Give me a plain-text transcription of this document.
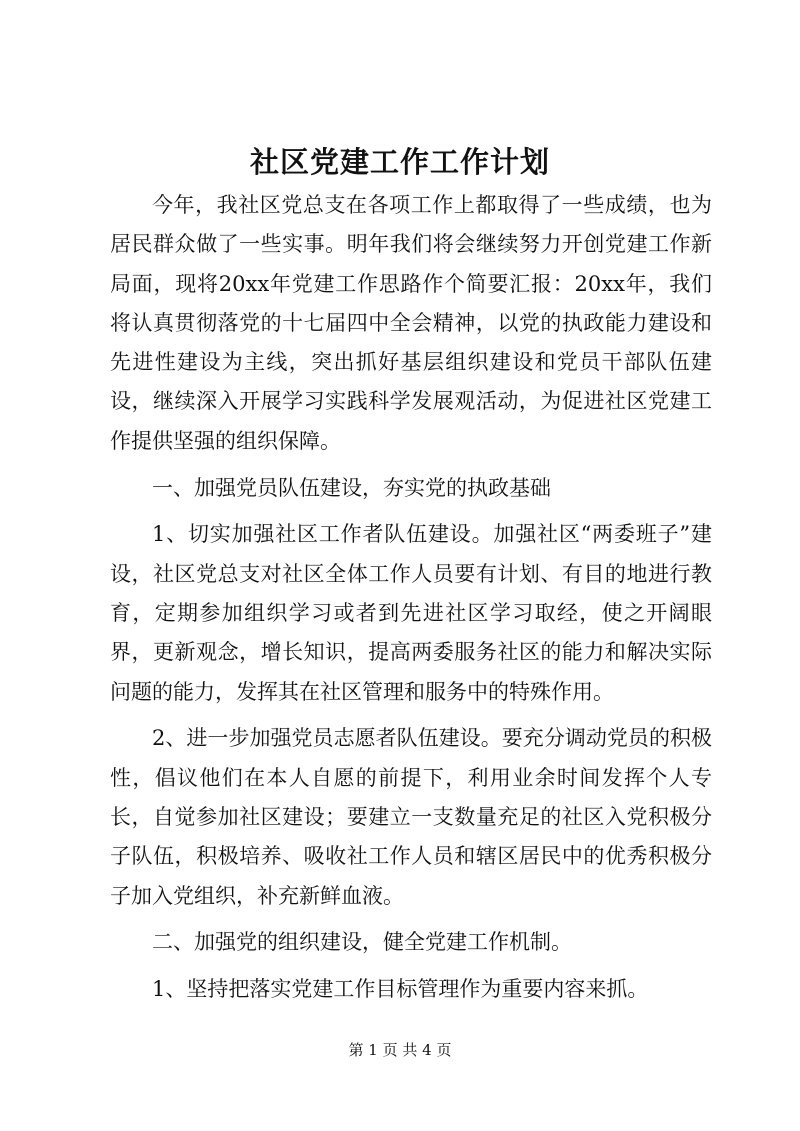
社区党建工作工作计划

今年，我社区党总支在各项工作上都取得了一些成绩，也为居民群众做了一些实事。明年我们将会继续努力开创党建工作新局面，现将20xx年党建工作思路作个简要汇报：20xx年，我们将认真贯彻落党的十七届四中全会精神，以党的执政能力建设和先进性建设为主线，突出抓好基层组织建设和党员干部队伍建设，继续深入开展学习实践科学发展观活动，为促进社区党建工作提供坚强的组织保障。

一、加强党员队伍建设，夯实党的执政基础

1、切实加强社区工作者队伍建设。加强社区“两委班子”建设，社区党总支对社区全体工作人员要有计划、有目的地进行教育，定期参加组织学习或者到先进社区学习取经，使之开阔眼界，更新观念，增长知识，提高两委服务社区的能力和解决实际问题的能力，发挥其在社区管理和服务中的特殊作用。

2、进一步加强党员志愿者队伍建设。要充分调动党员的积极性，倡议他们在本人自愿的前提下，利用业余时间发挥个人专长，自觉参加社区建设；要建立一支数量充足的社区入党积极分子队伍，积极培养、吸收社工作人员和辖区居民中的优秀积极分子加入党组织，补充新鲜血液。

二、加强党的组织建设，健全党建工作机制。

1、坚持把落实党建工作目标管理作为重要内容来抓。

第 1 页 共 4 页
